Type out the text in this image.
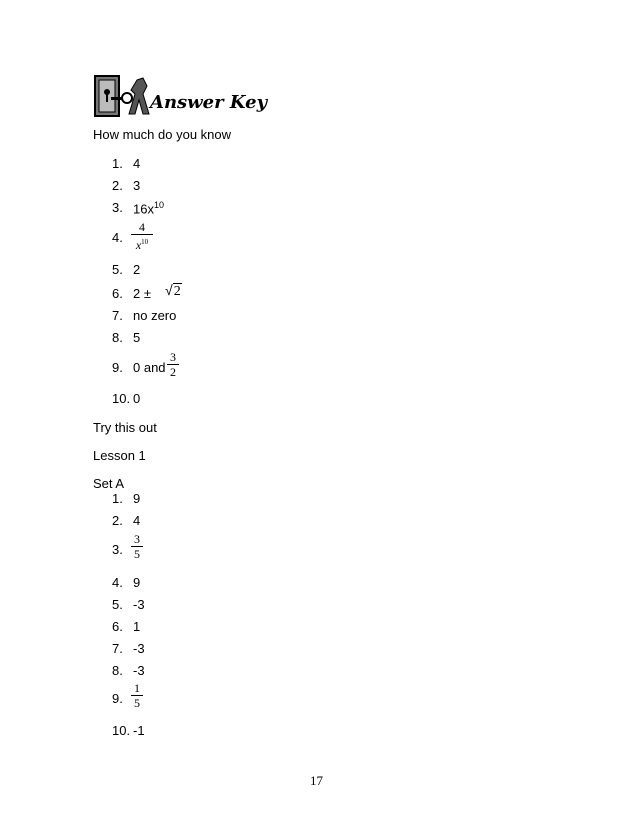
Answer Key
How much do you know
1. 4
2. 3
3. $16x^{10}$
4.
4
$x^{10}$
5. 2
6. 2 ± √2
7. no zero
8. 5
9. 0 and
3
2
10. 0
Try this out
Lesson 1
Set A
1. 9
2. 4
3.
3
5
4. 9
5. -3
6. 1
7. -3
8. -3
9.
1
5
10. -1
17
